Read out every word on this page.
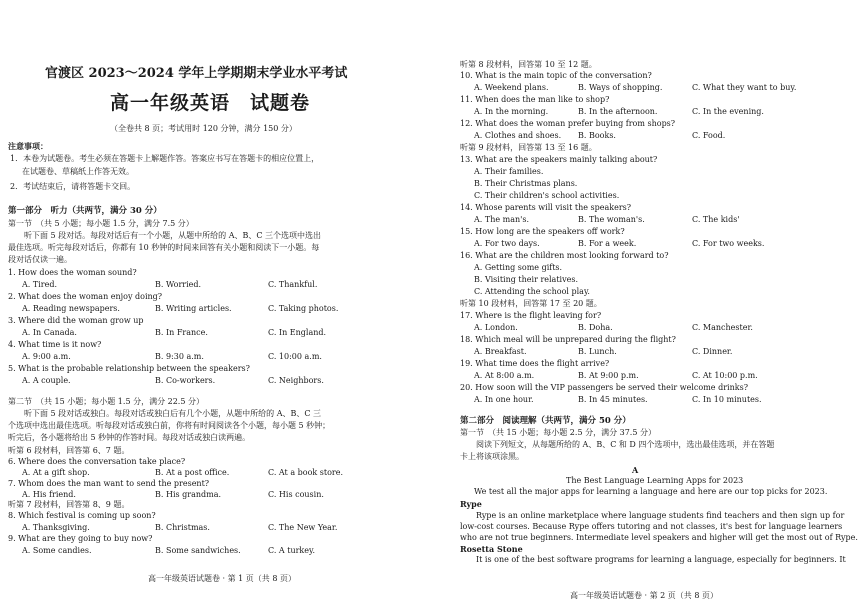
官渡区 2023～2024 学年上学期期末学业水平考试
高一年级英语　试题卷
（全卷共 8 页；考试用时 120 分钟，满分 150 分）
注意事项：
1．本卷为试题卷。考生必须在答题卡上解题作答。答案应书写在答题卡的相应位置上，
在试题卷、草稿纸上作答无效。
2．考试结束后，请将答题卡交回。
第一部分　听力（共两节，满分 30 分）
第一节　（共 5 小题；每小题 1.5 分，满分 7.5 分）
　　听下面 5 段对话。每段对话后有一个小题，从题中所给的 A、B、C 三个选项中选出
最佳选项。听完每段对话后，你都有 10 秒钟的时间来回答有关小题和阅读下一小题。每
段对话仅读一遍。
1. How does the woman sound?
A. Tired.	B. Worried.	C. Thankful.
2. What does the woman enjoy doing?
A. Reading newspapers.	B. Writing articles.	C. Taking photos.
3. Where did the woman grow up
A. In Canada.	B. In France.	C. In England.
4. What time is it now?
A. 9:00 a.m.	B. 9:30 a.m.	C. 10:00 a.m.
5. What is the probable relationship between the speakers?
A. A couple.	B. Co-workers.	C. Neighbors.
第二节　（共 15 小题；每小题 1.5 分，满分 22.5 分）
　　听下面 5 段对话或独白。每段对话或独白后有几个小题，从题中所给的 A、B、C 三
个选项中选出最佳选项。听每段对话或独白前，你将有时间阅读各个小题，每小题 5 秒钟；
听完后，各小题将给出 5 秒钟的作答时间。每段对话或独白读两遍。
听第 6 段材料，回答第 6、7 题。
6. Where does the conversation take place?
A. At a gift shop.	B. At a post office.	C. At a book store.
7. Whom does the man want to send the present?
A. His friend.	B. His grandma.	C. His cousin.
听第 7 段材料，回答第 8、9 题。
8. Which festival is coming up soon?
A. Thanksgiving.	B. Christmas.	C. The New Year.
9. What are they going to buy now?
A. Some candies.	B. Some sandwiches.	C. A turkey.
高一年级英语试题卷 · 第 1 页（共 8 页）
听第 8 段材料，回答第 10 至 12 题。
10. What is the main topic of the conversation?
A. Weekend plans.	B. Ways of shopping.	C. What they want to buy.
11. When does the man like to shop?
A. In the morning.	B. In the afternoon.	C. In the evening.
12. What does the woman prefer buying from shops?
A. Clothes and shoes. B. Books.	C. Food.
听第 9 段材料，回答第 13 至 16 题。
13. What are the speakers mainly talking about?
A. Their families.
B. Their Christmas plans.
C. Their children's school activities.
14. Whose parents will visit the speakers?
A. The man's.	B. The woman's.	C. The kids'
15. How long are the speakers off work?
A. For two days.	B. For a week.	C. For two weeks.
16. What are the children most looking forward to?
A. Getting some gifts.
B. Visiting their relatives.
C. Attending the school play.
听第 10 段材料，回答第 17 至 20 题。
17. Where is the flight leaving for?
A. London.	B. Doha.	C. Manchester.
18. Which meal will be unprepared during the flight?
A. Breakfast.	B. Lunch.	C. Dinner.
19. What time does the flight arrive?
A. At 8:00 a.m.	B. At 9:00 p.m.	C. At 10:00 p.m.
20. How soon will the VIP passengers be served their welcome drinks?
A. In one hour.	B. In 45 minutes.	C. In 10 minutes.
第二部分　阅读理解（共两节，满分 50 分）
第一节　（共 15 小题；每小题 2.5 分，满分 37.5 分）
　　阅读下列短文，从每题所给的 A、B、C 和 D 四个选项中，选出最佳选项，并在答题
卡上将该项涂黑。
A
The Best Language Learning Apps for 2023
We test all the major apps for learning a language and here are our top picks for 2023.
Rype
　　Rype is an online marketplace where language students find teachers and then sign up for
low-cost courses. Because Rype offers tutoring and not classes, it's best for language learners
who are not true beginners. Intermediate level speakers and higher will get the most out of Rype.
Rosetta Stone
　　It is one of the best software programs for learning a language, especially for beginners. It
高一年级英语试题卷 · 第 2 页（共 8 页）
